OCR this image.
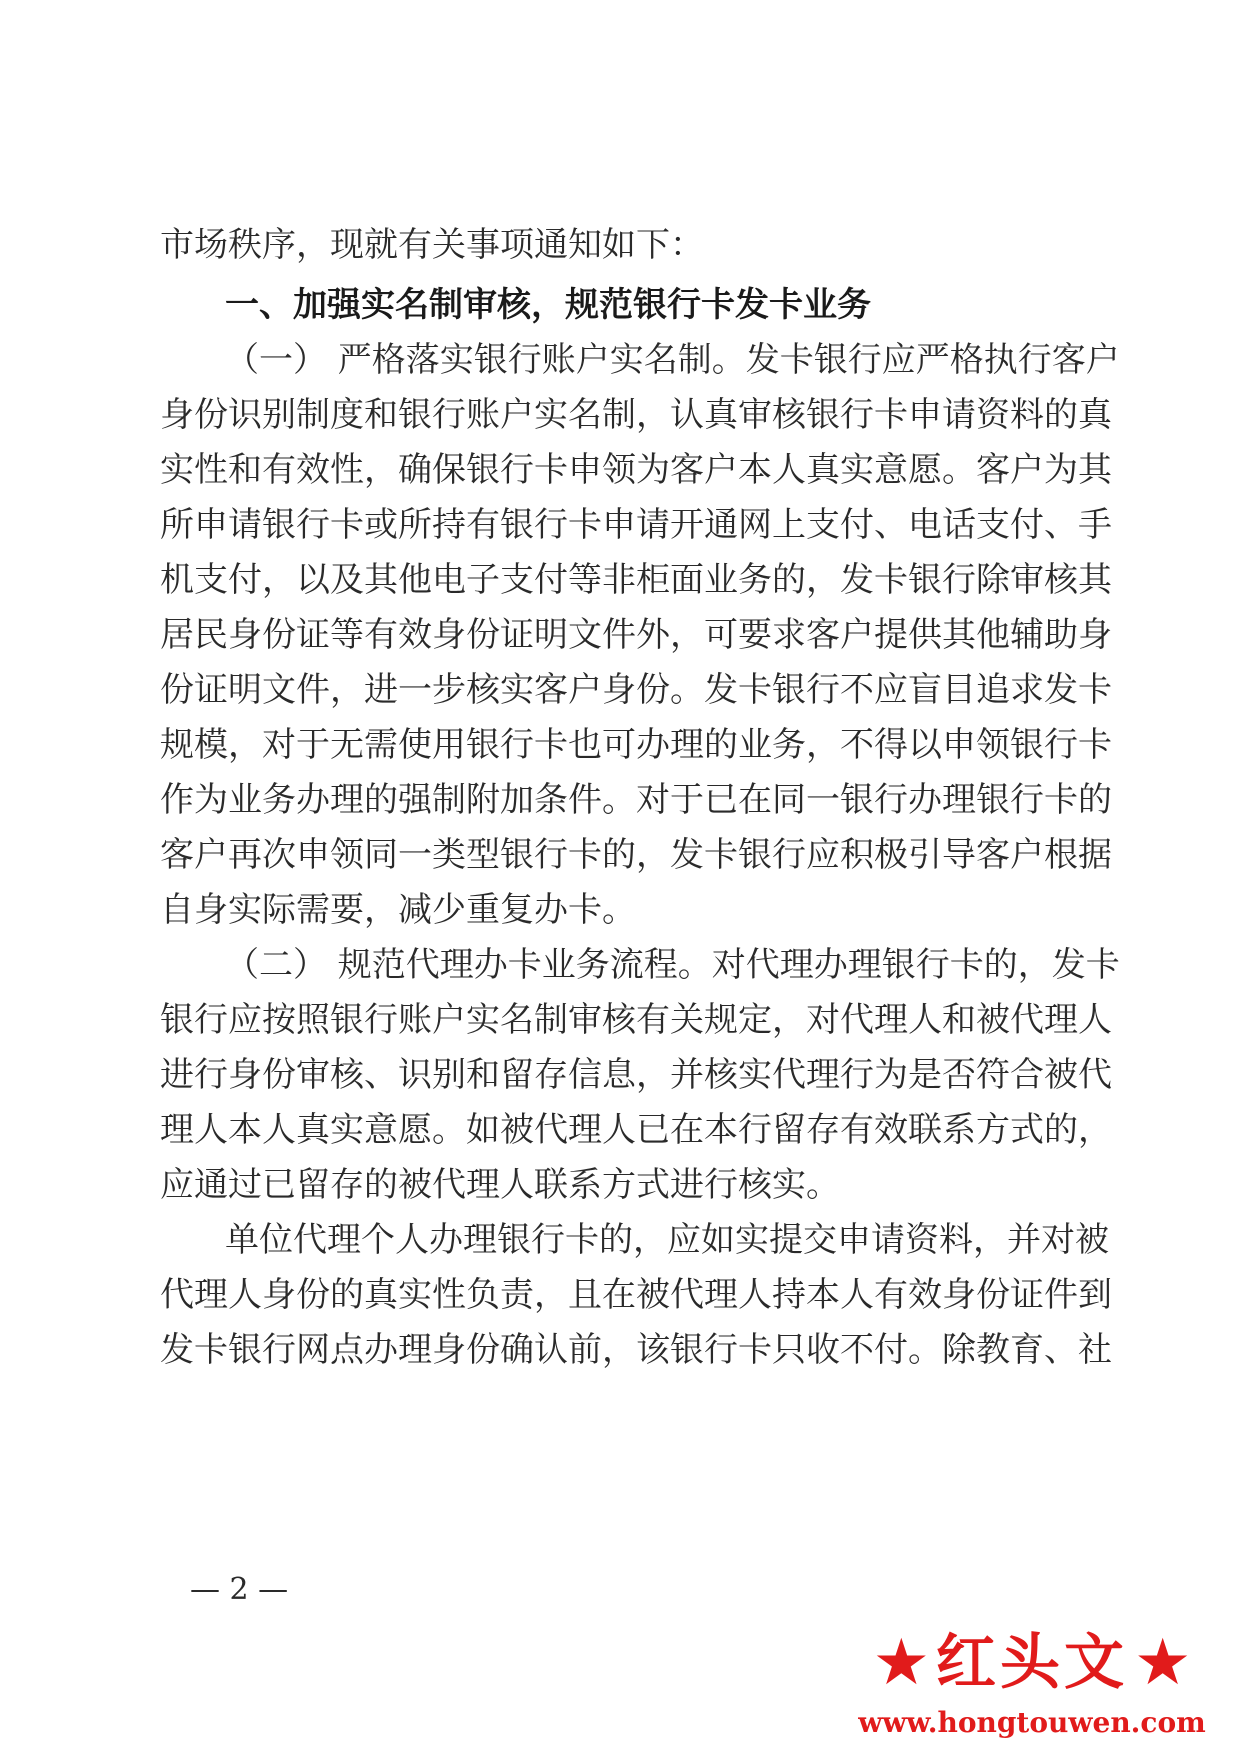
市场秩序，现就有关事项通知如下：
一、加强实名制审核，规范银行卡发卡业务
（一） 严格落实银行账户实名制。发卡银行应严格执行客户
身份识别制度和银行账户实名制，认真审核银行卡申请资料的真
实性和有效性，确保银行卡申领为客户本人真实意愿。客户为其
所申请银行卡或所持有银行卡申请开通网上支付、电话支付、手
机支付，以及其他电子支付等非柜面业务的，发卡银行除审核其
居民身份证等有效身份证明文件外，可要求客户提供其他辅助身
份证明文件，进一步核实客户身份。发卡银行不应盲目追求发卡
规模，对于无需使用银行卡也可办理的业务，不得以申领银行卡
作为业务办理的强制附加条件。对于已在同一银行办理银行卡的
客户再次申领同一类型银行卡的，发卡银行应积极引导客户根据
自身实际需要，减少重复办卡。
（二） 规范代理办卡业务流程。对代理办理银行卡的，发卡
银行应按照银行账户实名制审核有关规定，对代理人和被代理人
进行身份审核、识别和留存信息，并核实代理行为是否符合被代
理人本人真实意愿。如被代理人已在本行留存有效联系方式的，
应通过已留存的被代理人联系方式进行核实。
单位代理个人办理银行卡的，应如实提交申请资料，并对被
代理人身份的真实性负责，且在被代理人持本人有效身份证件到
发卡银行网点办理身份确认前，该银行卡只收不付。除教育、社
— 2 —
★ 红头文 ★
www.hongtouwen.com
